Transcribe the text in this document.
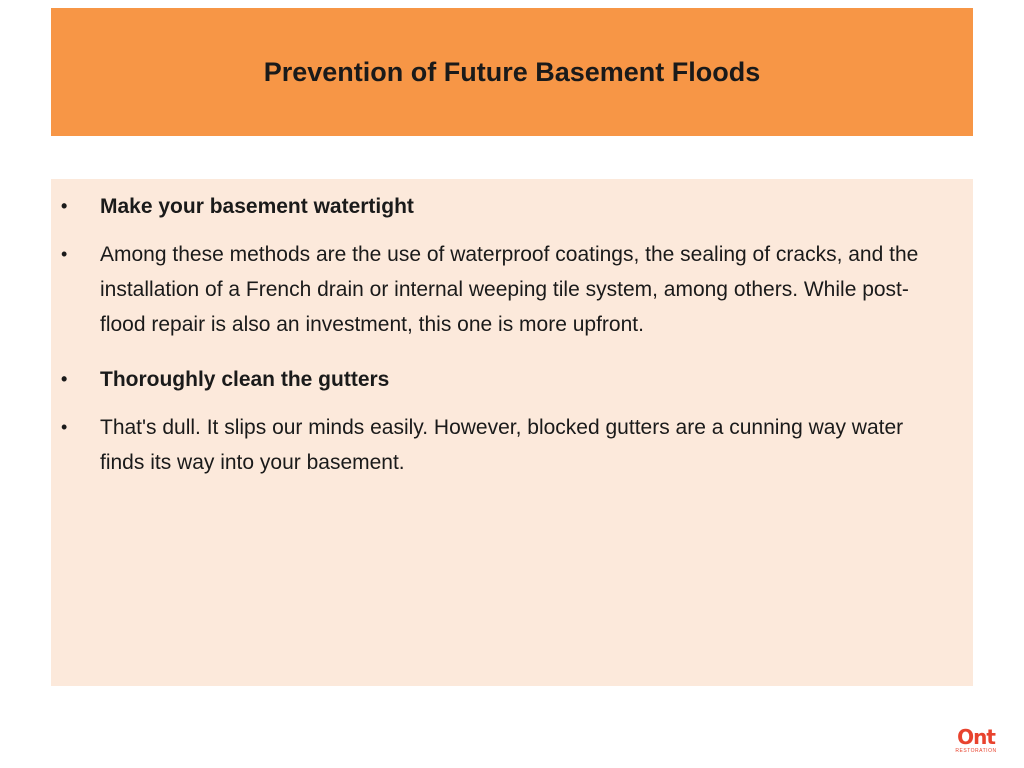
Prevention of Future Basement Floods
• Make your basement watertight
• Among these methods are the use of waterproof coatings, the sealing of cracks, and the installation of a French drain or internal weeping tile system, among others. While post-flood repair is also an investment, this one is more upfront.
• Thoroughly clean the gutters
• That's dull. It slips our minds easily. However, blocked gutters are a cunning way water finds its way into your basement.
Ont
RESTORATION
